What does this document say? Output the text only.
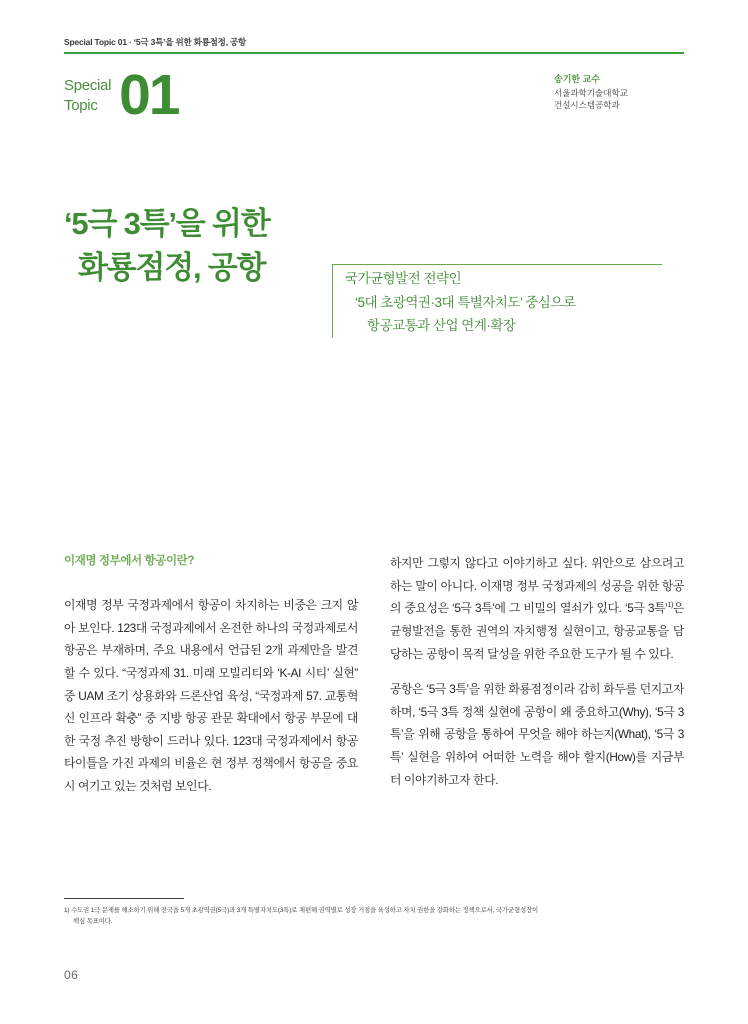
Special Topic 01 · ‘5극 3특’을 위한 화룡점정, 공항
Special
Topic 01	송기한 교수
서울과학기술대학교
건설시스템공학과
‘5극 3특’을 위한
화룡점정, 공항	국가균형발전 전략인
‘5대 초광역권·3대 특별자치도’ 중심으로
항공교통과 산업 연계·확장
이재명 정부에서 항공이란?

이재명 정부 국정과제에서 항공이 차지하는 비중은 크지 않아 보인다. 123대 국정과제에서 온전한 하나의 국정과제로서 항공은 부재하며, 주요 내용에서 언급된 2개 과제만을 발견할 수 있다. “국정과제 31. 미래 모빌리티와 ‘K-AI 시티’ 실현” 중 UAM 조기 상용화와 드론산업 육성, “국정과제 57. 교통혁신 인프라 확충” 중 지방 항공 관문 확대에서 항공 부문에 대한 국정 추진 방향이 드러나 있다. 123대 국정과제에서 항공 타이틀을 가진 과제의 비율은 현 정부 정책에서 항공을 중요시 여기고 있는 것처럼 보인다.

하지만 그렇지 않다고 이야기하고 싶다. 위안으로 삼으려고 하는 말이 아니다. 이재명 정부 국정과제의 성공을 위한 항공의 중요성은 ‘5극 3특’에 그 비밀의 열쇠가 있다. ‘5극 3특’$^{1)}$은 균형발전을 통한 권역의 자치행정 실현이고, 항공교통을 담당하는 공항이 목적 달성을 위한 주요한 도구가 될 수 있다.

공항은 ‘5극 3특’을 위한 화룡점정이라 감히 화두를 던지고자 하며, ‘5극 3특 정책 실현에 공항이 왜 중요하고(Why), ‘5극 3특’을 위해 공항을 통하여 무엇을 해야 하는지(What), ‘5극 3특’ 실현을 위하여 어떠한 노력을 해야 할지(How)를 지금부터 이야기하고자 한다.

1) 수도권 1극 문제를 해소하기 위해 전국을 5개 초광역권(5극)과 3개 특별자치도(3특)로 재편해 권역별로 성장 거점을 육성하고 자치 권한을 강화하는 정책으로서, 국가균형성장이
핵심 목표이다.
06
